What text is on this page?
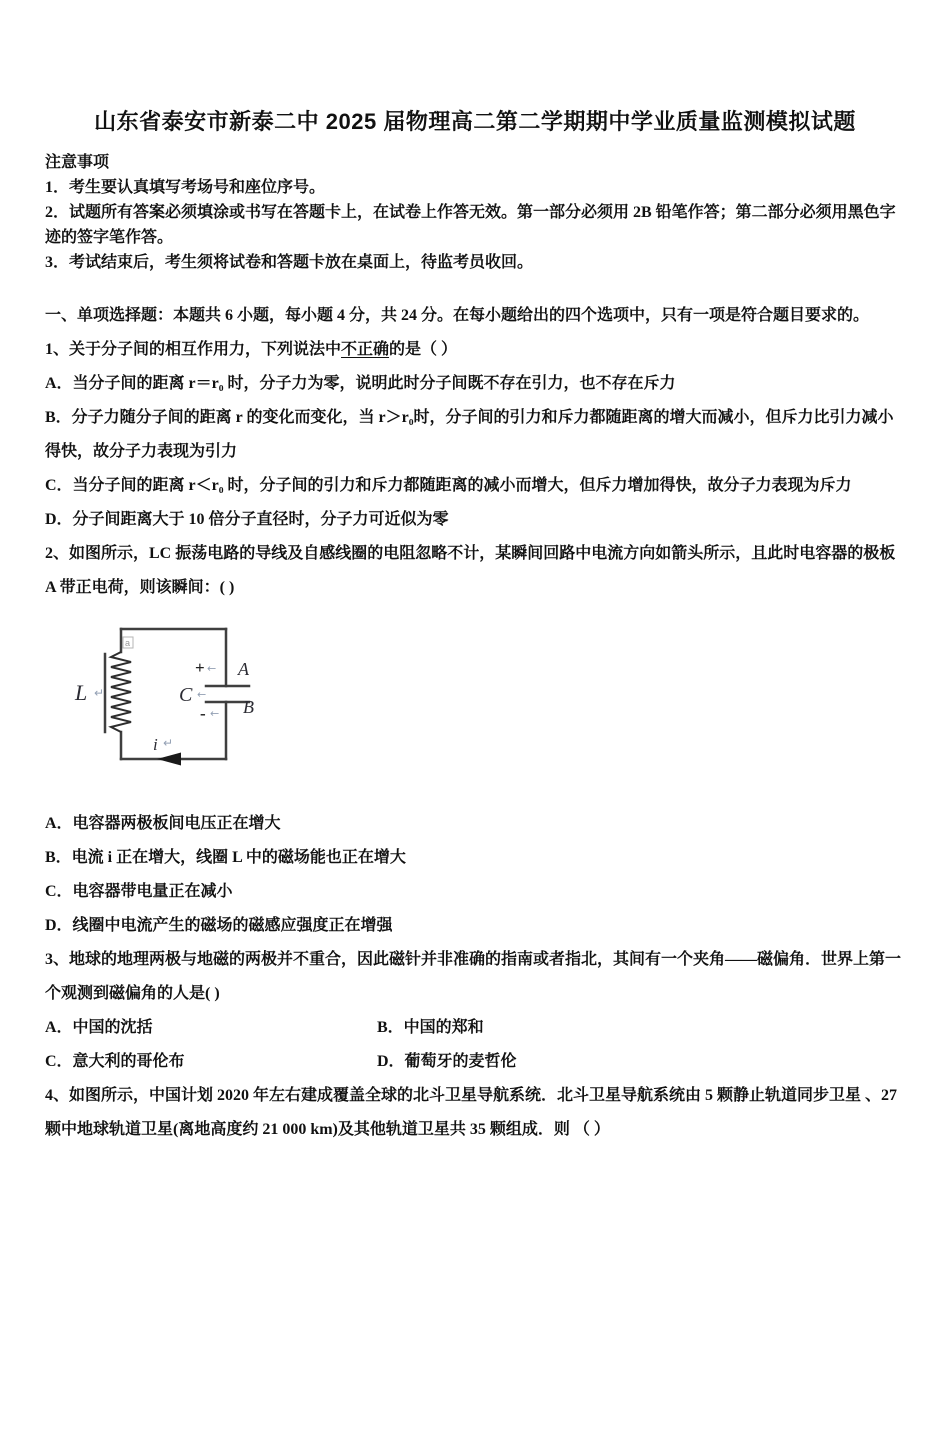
山东省泰安市新泰二中 2025 届物理高二第二学期期中学业质量监测模拟试题

注意事项

1．考生要认真填写考场号和座位序号。

2．试题所有答案必须填涂或书写在答题卡上，在试卷上作答无效。第一部分必须用 2B 铅笔作答；第二部分必须用黑色字迹的签字笔作答。

3．考试结束后，考生须将试卷和答题卡放在桌面上，待监考员收回。

一、单项选择题：本题共 6 小题，每小题 4 分，共 24 分。在每小题给出的四个选项中，只有一项是符合题目要求的。

1、关于分子间的相互作用力，下列说法中不正确的是（ ）

A．当分子间的距离 r＝r₀ 时，分子力为零，说明此时分子间既不存在引力，也不存在斥力

B．分子力随分子间的距离 r 的变化而变化，当 r＞r₀时，分子间的引力和斥力都随距离的增大而减小，但斥力比引力减小得快，故分子力表现为引力

C．当分子间的距离 r＜r₀ 时，分子间的引力和斥力都随距离的减小而增大，但斥力增加得快，故分子力表现为斥力

D．分子间距离大于 10 倍分子直径时，分子力可近似为零

2、如图所示，LC 振荡电路的导线及自感线圈的电阻忽略不计，某瞬间回路中电流方向如箭头所示，且此时电容器的极板 A 带正电荷，则该瞬间：( )

L ↵	C ←
+ ← A
B
- ←
i ↵
a

A．电容器两极板间电压正在增大

B．电流 i 正在增大，线圈 L 中的磁场能也正在增大

C．电容器带电量正在减小

D．线圈中电流产生的磁场的磁感应强度正在增强

3、地球的地理两极与地磁的两极并不重合，因此磁针并非准确的指南或者指北，其间有一个夹角——磁偏角．世界上第一个观测到磁偏角的人是( )

A．中国的沈括	B．中国的郑和

C．意大利的哥伦布	D．葡萄牙的麦哲伦

4、如图所示，中国计划 2020 年左右建成覆盖全球的北斗卫星导航系统．北斗卫星导航系统由 5 颗静止轨道同步卫星 、27 颗中地球轨道卫星(离地高度约 21 000 km)及其他轨道卫星共 35 颗组成．则 （ ）
